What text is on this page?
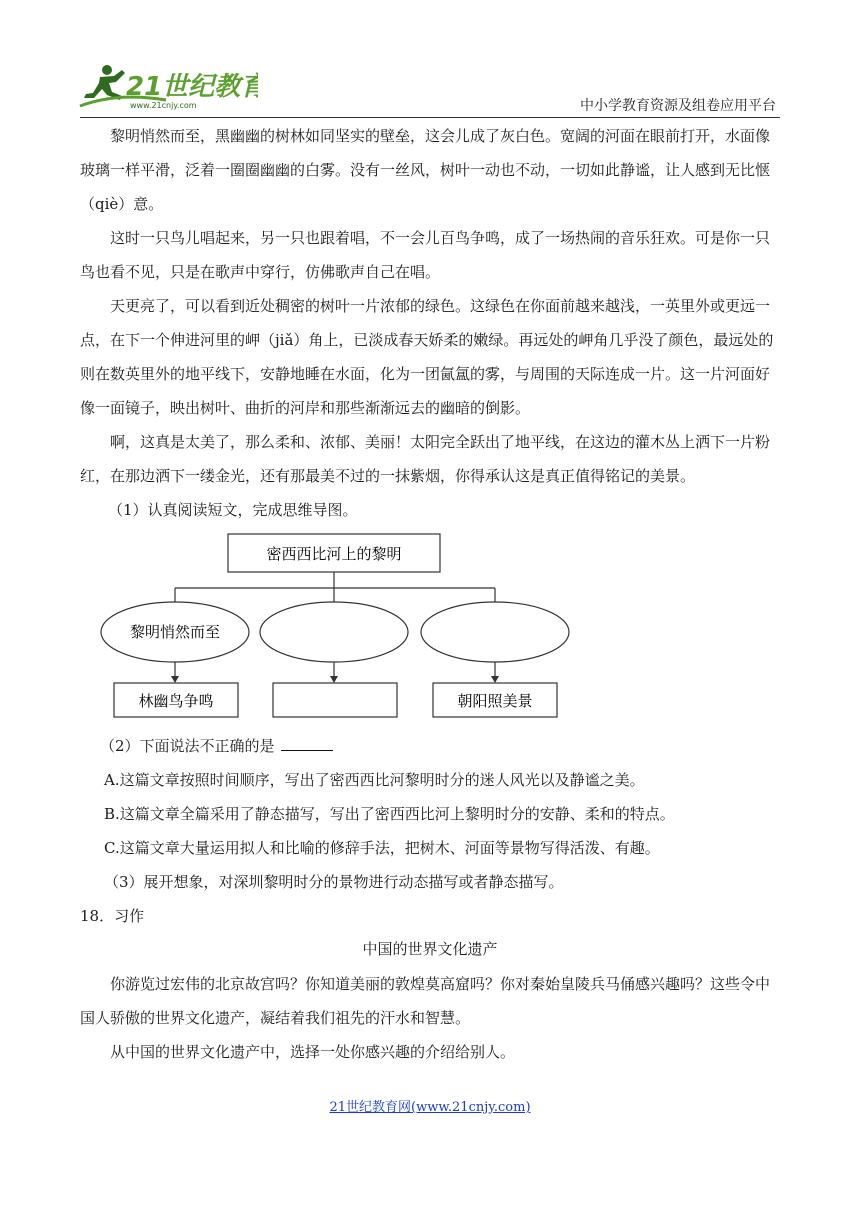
21世纪教育
www.21cnjy.com	中小学教育资源及组卷应用平台

黎明悄然而至，黑幽幽的树林如同坚实的壁垒，这会儿成了灰白色。宽阔的河面在眼前打开，水面像玻璃一样平滑，泛着一圈圈幽幽的白雾。没有一丝风，树叶一动也不动，一切如此静谧，让人感到无比惬（qiè）意。

这时一只鸟儿唱起来，另一只也跟着唱，不一会儿百鸟争鸣，成了一场热闹的音乐狂欢。可是你一只鸟也看不见，只是在歌声中穿行，仿佛歌声自己在唱。

天更亮了，可以看到近处稠密的树叶一片浓郁的绿色。这绿色在你面前越来越浅，一英里外或更远一点，在下一个伸进河里的岬（jiǎ）角上，已淡成春天娇柔的嫩绿。再远处的岬角几乎没了颜色，最远处的则在数英里外的地平线下，安静地睡在水面，化为一团氤氲的雾，与周围的天际连成一片。这一片河面好像一面镜子，映出树叶、曲折的河岸和那些渐渐远去的幽暗的倒影。

啊，这真是太美了，那么柔和、浓郁、美丽！太阳完全跃出了地平线，在这边的灌木丛上洒下一片粉红，在那边洒下一缕金光，还有那最美不过的一抹紫烟，你得承认这是真正值得铭记的美景。

（1）认真阅读短文，完成思维导图。

密西西比河上的黎明
黎明悄然而至
林幽鸟争鸣	朝阳照美景

（2）下面说法不正确的是

A.这篇文章按照时间顺序，写出了密西西比河黎明时分的迷人风光以及静谧之美。

B.这篇文章全篇采用了静态描写，写出了密西西比河上黎明时分的安静、柔和的特点。

C.这篇文章大量运用拟人和比喻的修辞手法，把树木、河面等景物写得活泼、有趣。

（3）展开想象，对深圳黎明时分的景物进行动态描写或者静态描写。

18．习作

中国的世界文化遗产

你游览过宏伟的北京故宫吗？你知道美丽的敦煌莫高窟吗？你对秦始皇陵兵马俑感兴趣吗？这些令中国人骄傲的世界文化遗产，凝结着我们祖先的汗水和智慧。

从中国的世界文化遗产中，选择一处你感兴趣的介绍给别人。

21世纪教育网(www.21cnjy.com)
